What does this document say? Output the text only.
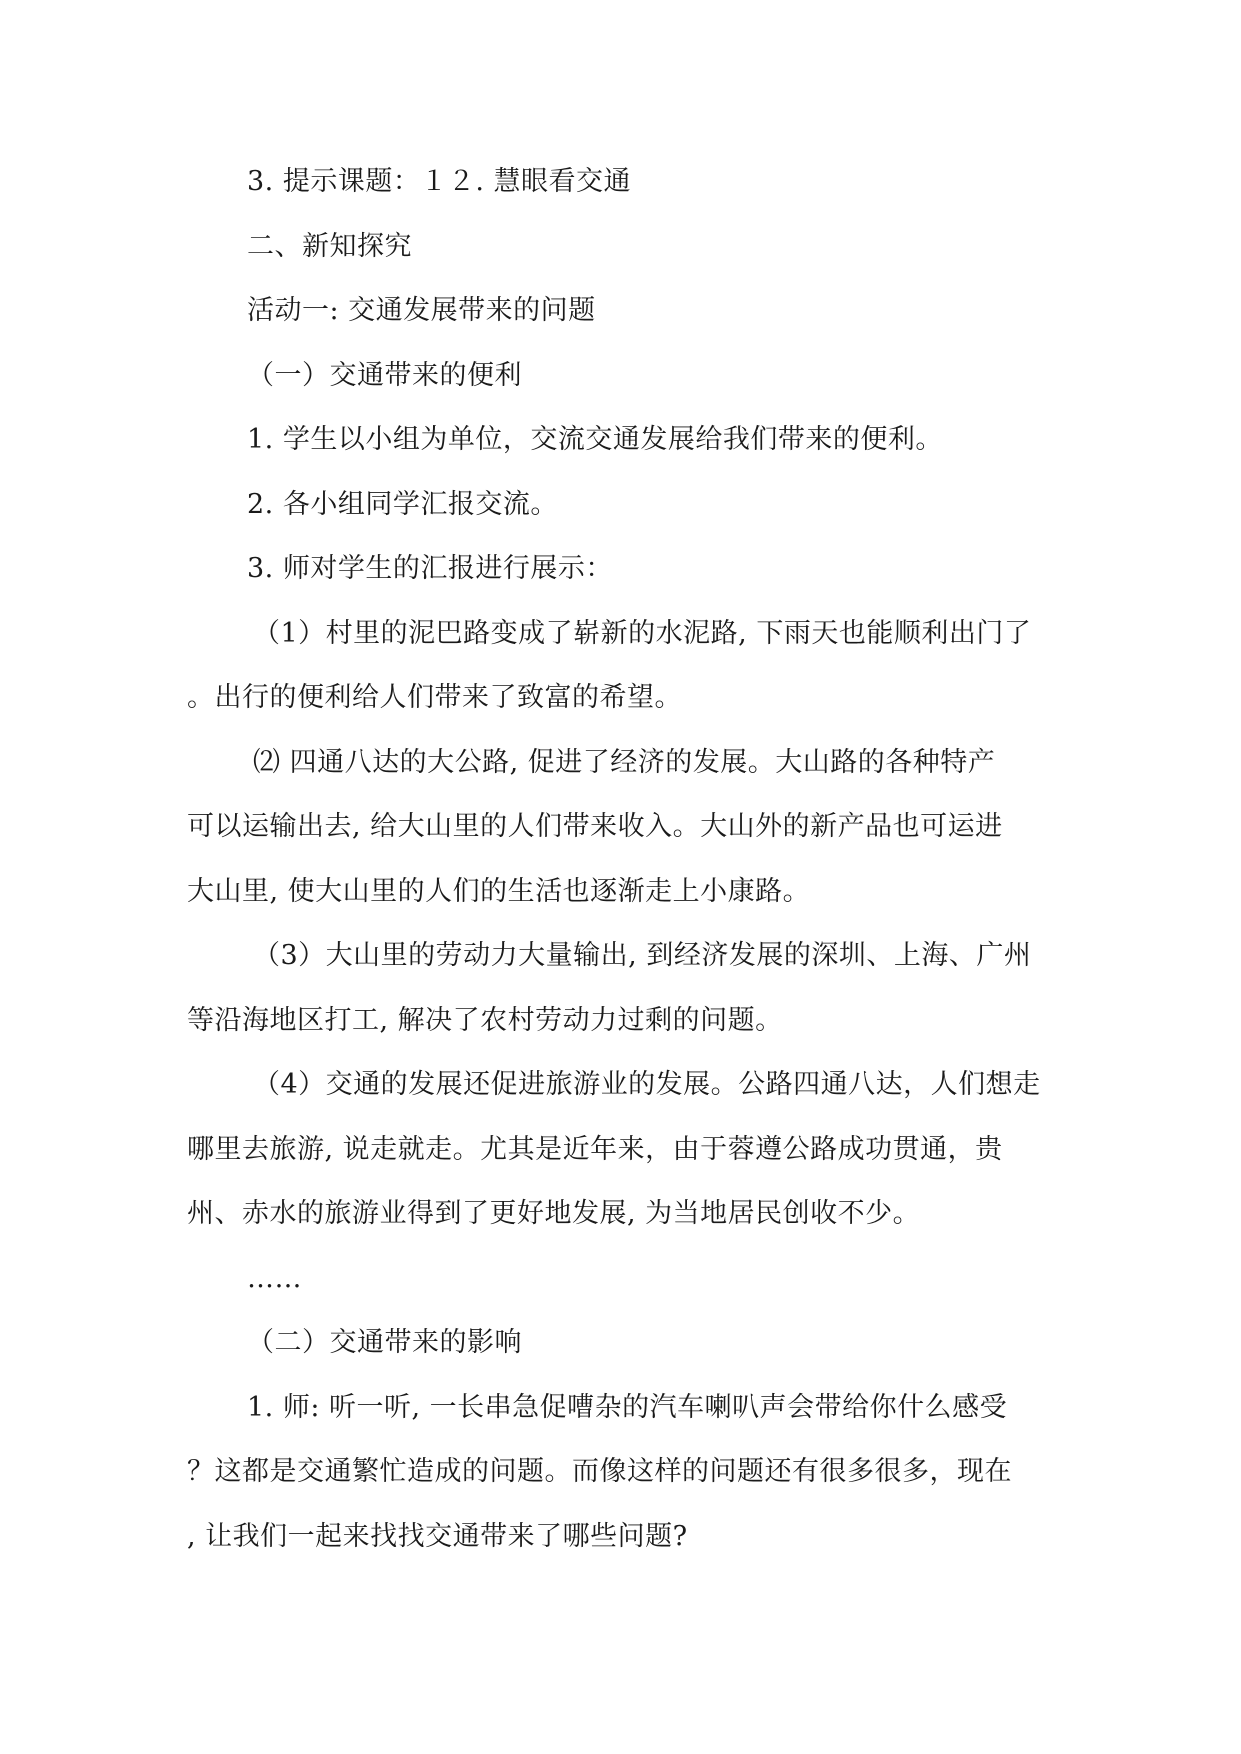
3. 提示课题：１２. 慧眼看交通

二、新知探究

活动一: 交通发展带来的问题

（一）交通带来的便利

1. 学生以小组为单位，交流交通发展给我们带来的便利。

2. 各小组同学汇报交流。

3. 师对学生的汇报进行展示：

（1）村里的泥巴路变成了崭新的水泥路, 下雨天也能顺利出门了

。出行的便利给人们带来了致富的希望。

⑵ 四通八达的大公路, 促进了经济的发展。大山路的各种特产

可以运输出去, 给大山里的人们带来收入。大山外的新产品也可运进

大山里, 使大山里的人们的生活也逐渐走上小康路。

（3）大山里的劳动力大量输出, 到经济发展的深圳、上海、广州

等沿海地区打工, 解决了农村劳动力过剩的问题。

（4）交通的发展还促进旅游业的发展。公路四通八达，人们想走

哪里去旅游, 说走就走。尤其是近年来，由于蓉遵公路成功贯通，贵

州、赤水的旅游业得到了更好地发展, 为当地居民创收不少。

……

（二）交通带来的影响

1. 师: 听一听, 一长串急促嘈杂的汽车喇叭声会带给你什么感受

？这都是交通繁忙造成的问题。而像这样的问题还有很多很多，现在

, 让我们一起来找找交通带来了哪些问题?
